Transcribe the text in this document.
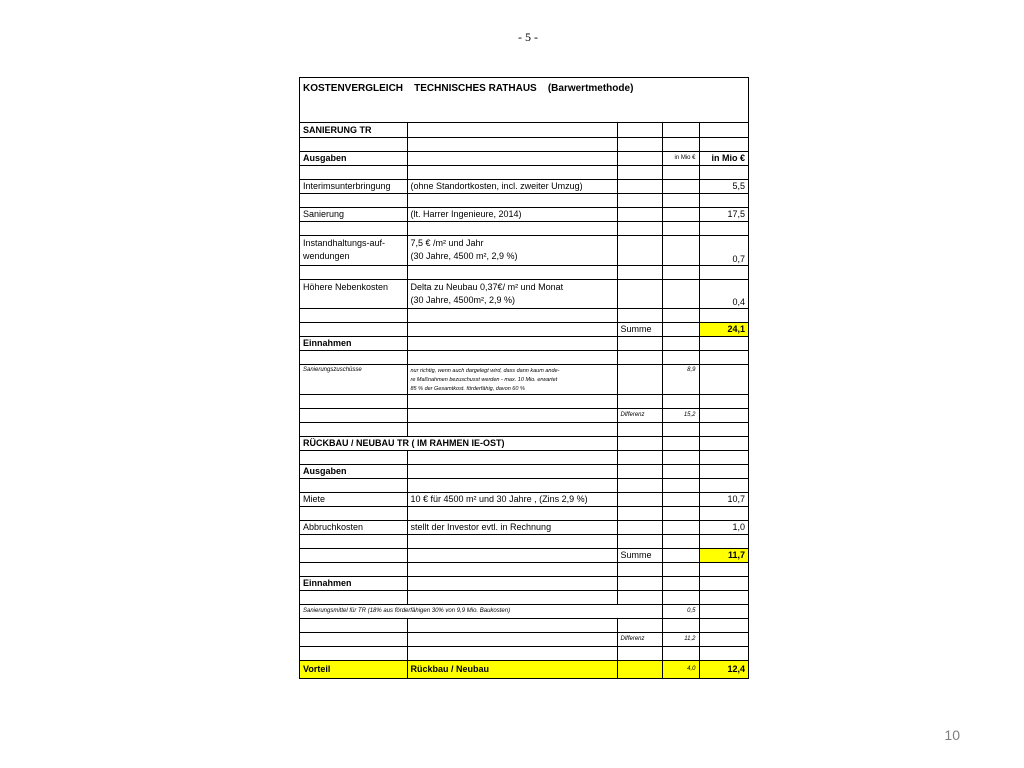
- 5 -
KOSTENVERGLEICH    TECHNISCHES RATHAUS    (Barwertmethode)
SANIERUNG TR				

Ausgaben			in Mio €	in Mio €

Interimsunterbringung	(ohne Standortkosten, incl. zweiter Umzug)			5,5

Sanierung	(lt. Harrer Ingenieure, 2014)			17,5

Instandhaltungs-auf-
wendungen	7,5 € /m² und Jahr
(30 Jahre, 4500 m², 2,9 %)			0,7

Höhere Nebenkosten	Delta zu Neubau 0,37€/ m² und Monat
(30 Jahre, 4500m², 2,9 %)			0,4

		Summe		24,1
Einnahmen				

Sanierungszuschüsse	nur richtig, wenn auch dargelegt wird, dass dann kaum ande-
re Maßnahmen bezuschusst werden - max. 10 Mio. erwartet
85 % der Gesamtkost. förderfähig, davon 60 %		8,9	

		Differenz	15,2	

RÜCKBAU / NEUBAU TR ( IM RAHMEN IE-OST)				

Ausgaben				

Miete	10 € für 4500 m² und 30 Jahre , (Zins 2,9 %)			10,7

Abbruchkosten	stellt der Investor evtl. in Rechnung			1,0

		Summe		11,7

Einnahmen				

Sanierungsmittel für TR (18% aus förderfähigen 30% von 9,9 Mio. Baukosten)			0,5	

		Differenz	11,2	

Vorteil	Rückbau / Neubau		4,0	12,4
10
